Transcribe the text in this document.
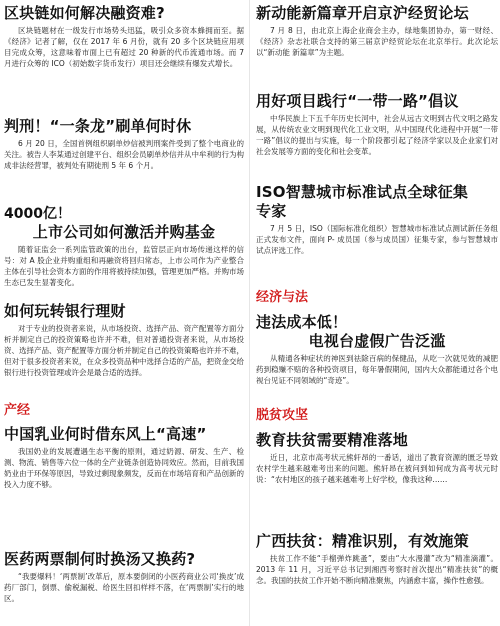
区块链如何解决融资难?

区块链题材在一级发行市场势头迅猛，吸引众多资本蜂拥而至。据《经济》记者了解，仅在 2017 年 6 月份，就有 20 多个区块链应用项目完成众筹，这意味着市面上已有超过 20 种新的代币流通市场。而 7 月进行众筹的 ICO（初始数字货币发行）项目还会继续有爆发式增长。

判刑！“一条龙”刷单何时休

6 月 20 日，全国首例组织刷单炒信被判刑案件受到了整个电商业的关注。被告人李某通过创建平台、组织会员刷单炒信并从中牟利的行为构成非法经营罪，被判处有期徒刑 5 年 6 个月。

4000亿！

上市公司如何激活并购基金

随着证监会一系列监管政策的出台，监管层正向市场传递这样的信号：对 A 股企业并购重组和再融资将回归常态，上市公司作为产业整合主体在引导社会资本方面的作用将被持续加强，管理更加严格。并购市场生态已发生显著变化。

如何玩转银行理财

对于专业的投资者来说，从市场投资、选择产品、资产配置等方面分析并制定自己的投资策略也许并不难，但对普通投资者来说，从市场投资、选择产品、资产配置等方面分析并制定自己的投资策略也许并不难，但对于很多投资者来说，在众多投资品种中选择合适的产品，把资金交给银行进行投资管理或许会是最合适的选择。

产经

中国乳业何时借东风上“高速”

我国奶业的发展遭遇生态平衡的原则，通过奶源、研发、生产、检测、物流、销售等六位一体的全产业链条创造协同效应。然而，目前我国奶业由于环保等原因，导致过剩现象频发，反而在市场培育和产品创新的投入力度不够。

医药两票制何时换汤又换药?

“我要爆料！‘两票制’改革后，原本要倒闭的小医药商业公司‘换皮’成药厂部门，倒票、偷税漏税、给医生回扣样样不落，在‘两票制’实行的地区。

新动能新篇章开启京沪经贸论坛

7 月 8 日，由北京上海企业商会主办，绿地集团协办，第一财经、《经济》杂志社联合支持的第三届京沪经贸论坛在北京举行。此次论坛以“新动能 新篇章”为主题。

用好项目践行“一带一路”倡议

中华民族上下五千年历史长河中，社会从远古文明到古代文明之路发展，从传统农业文明到现代化工业文明，从中国现代化进程中开展“一带一路”倡议的提出与实施，每一个阶段都引起了经济学家以及企业家们对社会发展等方面的变化和社会变革。

ISO智慧城市标准试点全球征集

专家

7 月 5 日，ISO（国际标准化组织）智慧城市标准试点测试新任务组正式发布文件，面向 P- 成员国（参与成员国）征集专家，参与智慧城市试点评选工作。

经济与法

违法成本低！

电视台虚假广告泛滥

从精通各种症状的神医到祛除百病的保健品，从吃一次就见效的减肥药到稳赚不赔的各种投资项目，每年暑假期间，国内大众都能通过各个电视台见证不同领域的“奇迹”。

脱贫攻坚

教育扶贫需要精准落地

近日，北京市高考状元熊轩昂的一番话，道出了教育资源的匮乏导致农村学生越来越难考出来的问题。熊轩昂在被问到如何成为高考状元时说：“农村地区的孩子越来越难考上好学校，像我这种……

广西扶贫：精准识别，有效施策

扶贫工作不能“手榴弹炸跳蚤”，要由“大水漫灌”改为“精准滴灌”。2013 年 11 月，习近平总书记到湘西考察时首次提出“精准扶贫”的概念。我国的扶贫工作开始不断向精准聚焦，内涵愈丰富，操作性愈强。
